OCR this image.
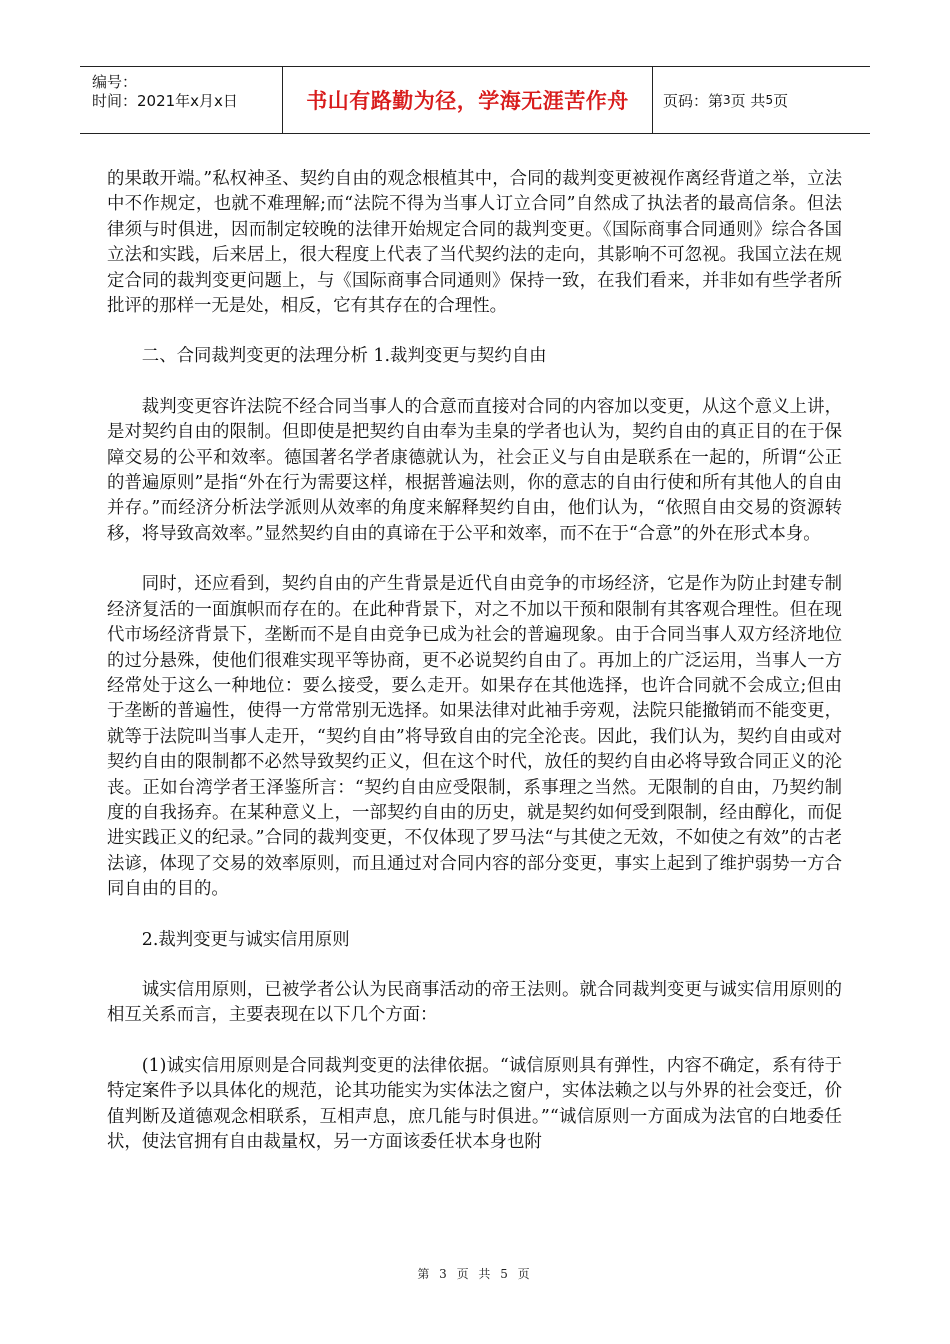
编号：
时间：2021年x月x日	书山有路勤为径，学海无涯苦作舟	页码：第 3 页 共 5 页

的果敢开端。”私权神圣、契约自由的观念根植其中，合同的裁判变更被视作离经背道之举，立法中不作规定，也就不难理解;而“法院不得为当事人订立合同”自然成了执法者的最高信条。但法律须与时俱进，因而制定较晚的法律开始规定合同的裁判变更。《国际商事合同通则》综合各国立法和实践，后来居上，很大程度上代表了当代契约法的走向，其影响不可忽视。我国立法在规定合同的裁判变更问题上，与《国际商事合同通则》保持一致，在我们看来，并非如有些学者所批评的那样一无是处，相反，它有其存在的合理性。

二、合同裁判变更的法理分析 1.裁判变更与契约自由

裁判变更容许法院不经合同当事人的合意而直接对合同的内容加以变更，从这个意义上讲，是对契约自由的限制。但即使是把契约自由奉为圭臬的学者也认为，契约自由的真正目的在于保障交易的公平和效率。德国著名学者康德就认为，社会正义与自由是联系在一起的，所谓“公正的普遍原则”是指“外在行为需要这样，根据普遍法则，你的意志的自由行使和所有其他人的自由并存。”而经济分析法学派则从效率的角度来解释契约自由，他们认为，“依照自由交易的资源转移，将导致高效率。”显然契约自由的真谛在于公平和效率，而不在于“合意”的外在形式本身。

同时，还应看到，契约自由的产生背景是近代自由竞争的市场经济，它是作为防止封建专制经济复活的一面旗帜而存在的。在此种背景下，对之不加以干预和限制有其客观合理性。但在现代市场经济背景下，垄断而不是自由竞争已成为社会的普遍现象。由于合同当事人双方经济地位的过分悬殊，使他们很难实现平等协商，更不必说契约自由了。再加上的广泛运用，当事人一方经常处于这么一种地位：要么接受，要么走开。如果存在其他选择，也许合同就不会成立;但由于垄断的普遍性，使得一方常常别无选择。如果法律对此袖手旁观，法院只能撤销而不能变更，就等于法院叫当事人走开，“契约自由”将导致自由的完全沦丧。因此，我们认为，契约自由或对契约自由的限制都不必然导致契约正义，但在这个时代，放任的契约自由必将导致合同正义的沦丧。正如台湾学者王泽鉴所言：“契约自由应受限制，系事理之当然。无限制的自由，乃契约制度的自我扬弃。在某种意义上，一部契约自由的历史，就是契约如何受到限制，经由醇化，而促进实践正义的纪录。”合同的裁判变更，不仅体现了罗马法“与其使之无效，不如使之有效”的古老法谚，体现了交易的效率原则，而且通过对合同内容的部分变更，事实上起到了维护弱势一方合同自由的目的。

2.裁判变更与诚实信用原则

诚实信用原则，已被学者公认为民商事活动的帝王法则。就合同裁判变更与诚实信用原则的相互关系而言，主要表现在以下几个方面：

(1)诚实信用原则是合同裁判变更的法律依据。“诚信原则具有弹性，内容不确定，系有待于特定案件予以具体化的规范，论其功能实为实体法之窗户，实体法赖之以与外界的社会变迁，价值判断及道德观念相联系，互相声息，庶几能与时俱进。”“诚信原则一方面成为法官的白地委任状，使法官拥有自由裁量权，另一方面该委任状本身也附

第 3 页 共 5 页
